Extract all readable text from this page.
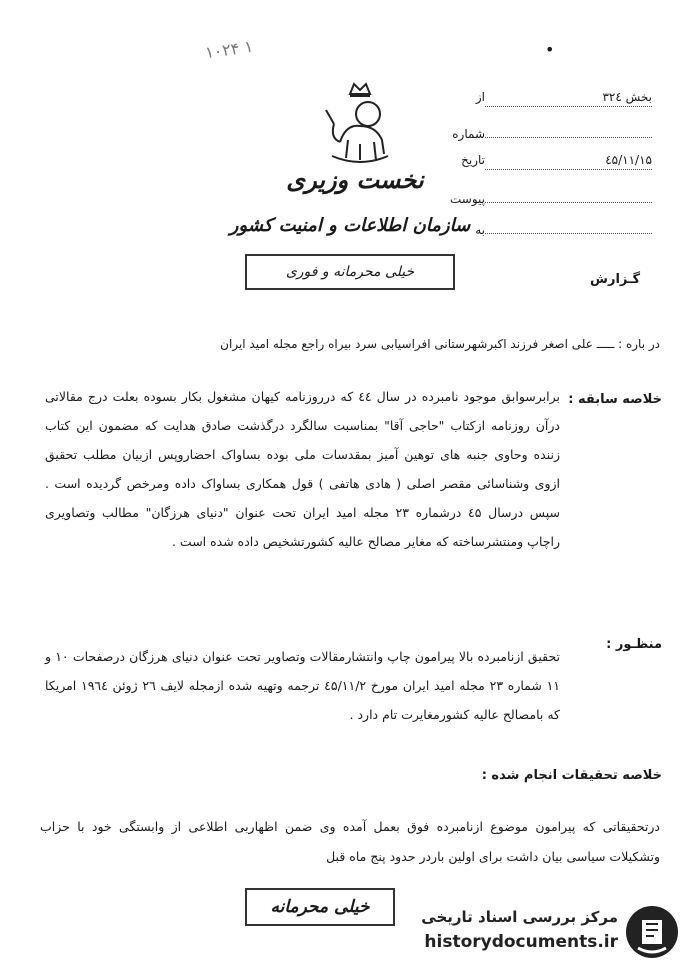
۱۰۲۴ ۱	•
نخست وزیری
سازمان اطلاعات و امنیت کشور
خیلی محرمانه و فوری
از	بخش ۳۲٤
شماره
تاریخ	٤۵/۱۱/۱۵
پیوست
به
گـزارش
در باره : ـــــ علی اصغر فرزند اکبرشهرستانی افراسیابی سرد بیراه راجع مجله امید ایران
خلاصه سابقه :
برابرسوابق موجود نامبرده در سال ٤٤ که درروزنامه کیهان مشغول بکار بسوده بعلت درج مقالاتی درآن روزنامه ازکتاب "حاجی آقا" بمناسبت سالگرد درگذشت صادق هدایت که مضمون این کتاب زننده وحاوی جنبه های توهین آمیز بمقدسات ملی بوده بساواک احضاروپس ازبیان مطلب تحقیق ازوی وشناسائی مقصر اصلی ( هادی هاتفی ) قول همکاری بساواک داده ومرخص گردیده است . سپس درسال ٤۵ درشماره ۲۳ مجله امید ایران تحت عنوان "دنیای هرزگان" مطالب وتصاویری راچاپ ومنتشرساخته که مغایر مصالح عالیه کشورتشخیص داده شده است .
منظـور :
تحقیق ازنامبرده بالا پیرامون چاپ وانتشارمقالات وتصاویر تحت عنوان دنیای هرزگان درصفحات ۱۰ و ۱۱ شماره ۲۳ مجله امید ایران مورخ ٤۵/۱۱/۲ ترجمه وتهیه شده ازمجله لایف ۲٦ ژوئن ۱۹٦٤ امریکا که بامصالح عالیه کشورمغایرت تام دارد .
خلاصه تحقیقات انجام شده :
درتحقیقاتی که پیرامون موضوع ازنامبرده فوق بعمل آمده وی ضمن اظهاربی اطلاعی از وابستگی خود با حزاب وتشکیلات سیاسی بیان داشت برای اولین باردر حدود پنج ماه قبل
خیلی محرمانه	مرکز بررسی اسناد تاریخی
historydocuments.ir
